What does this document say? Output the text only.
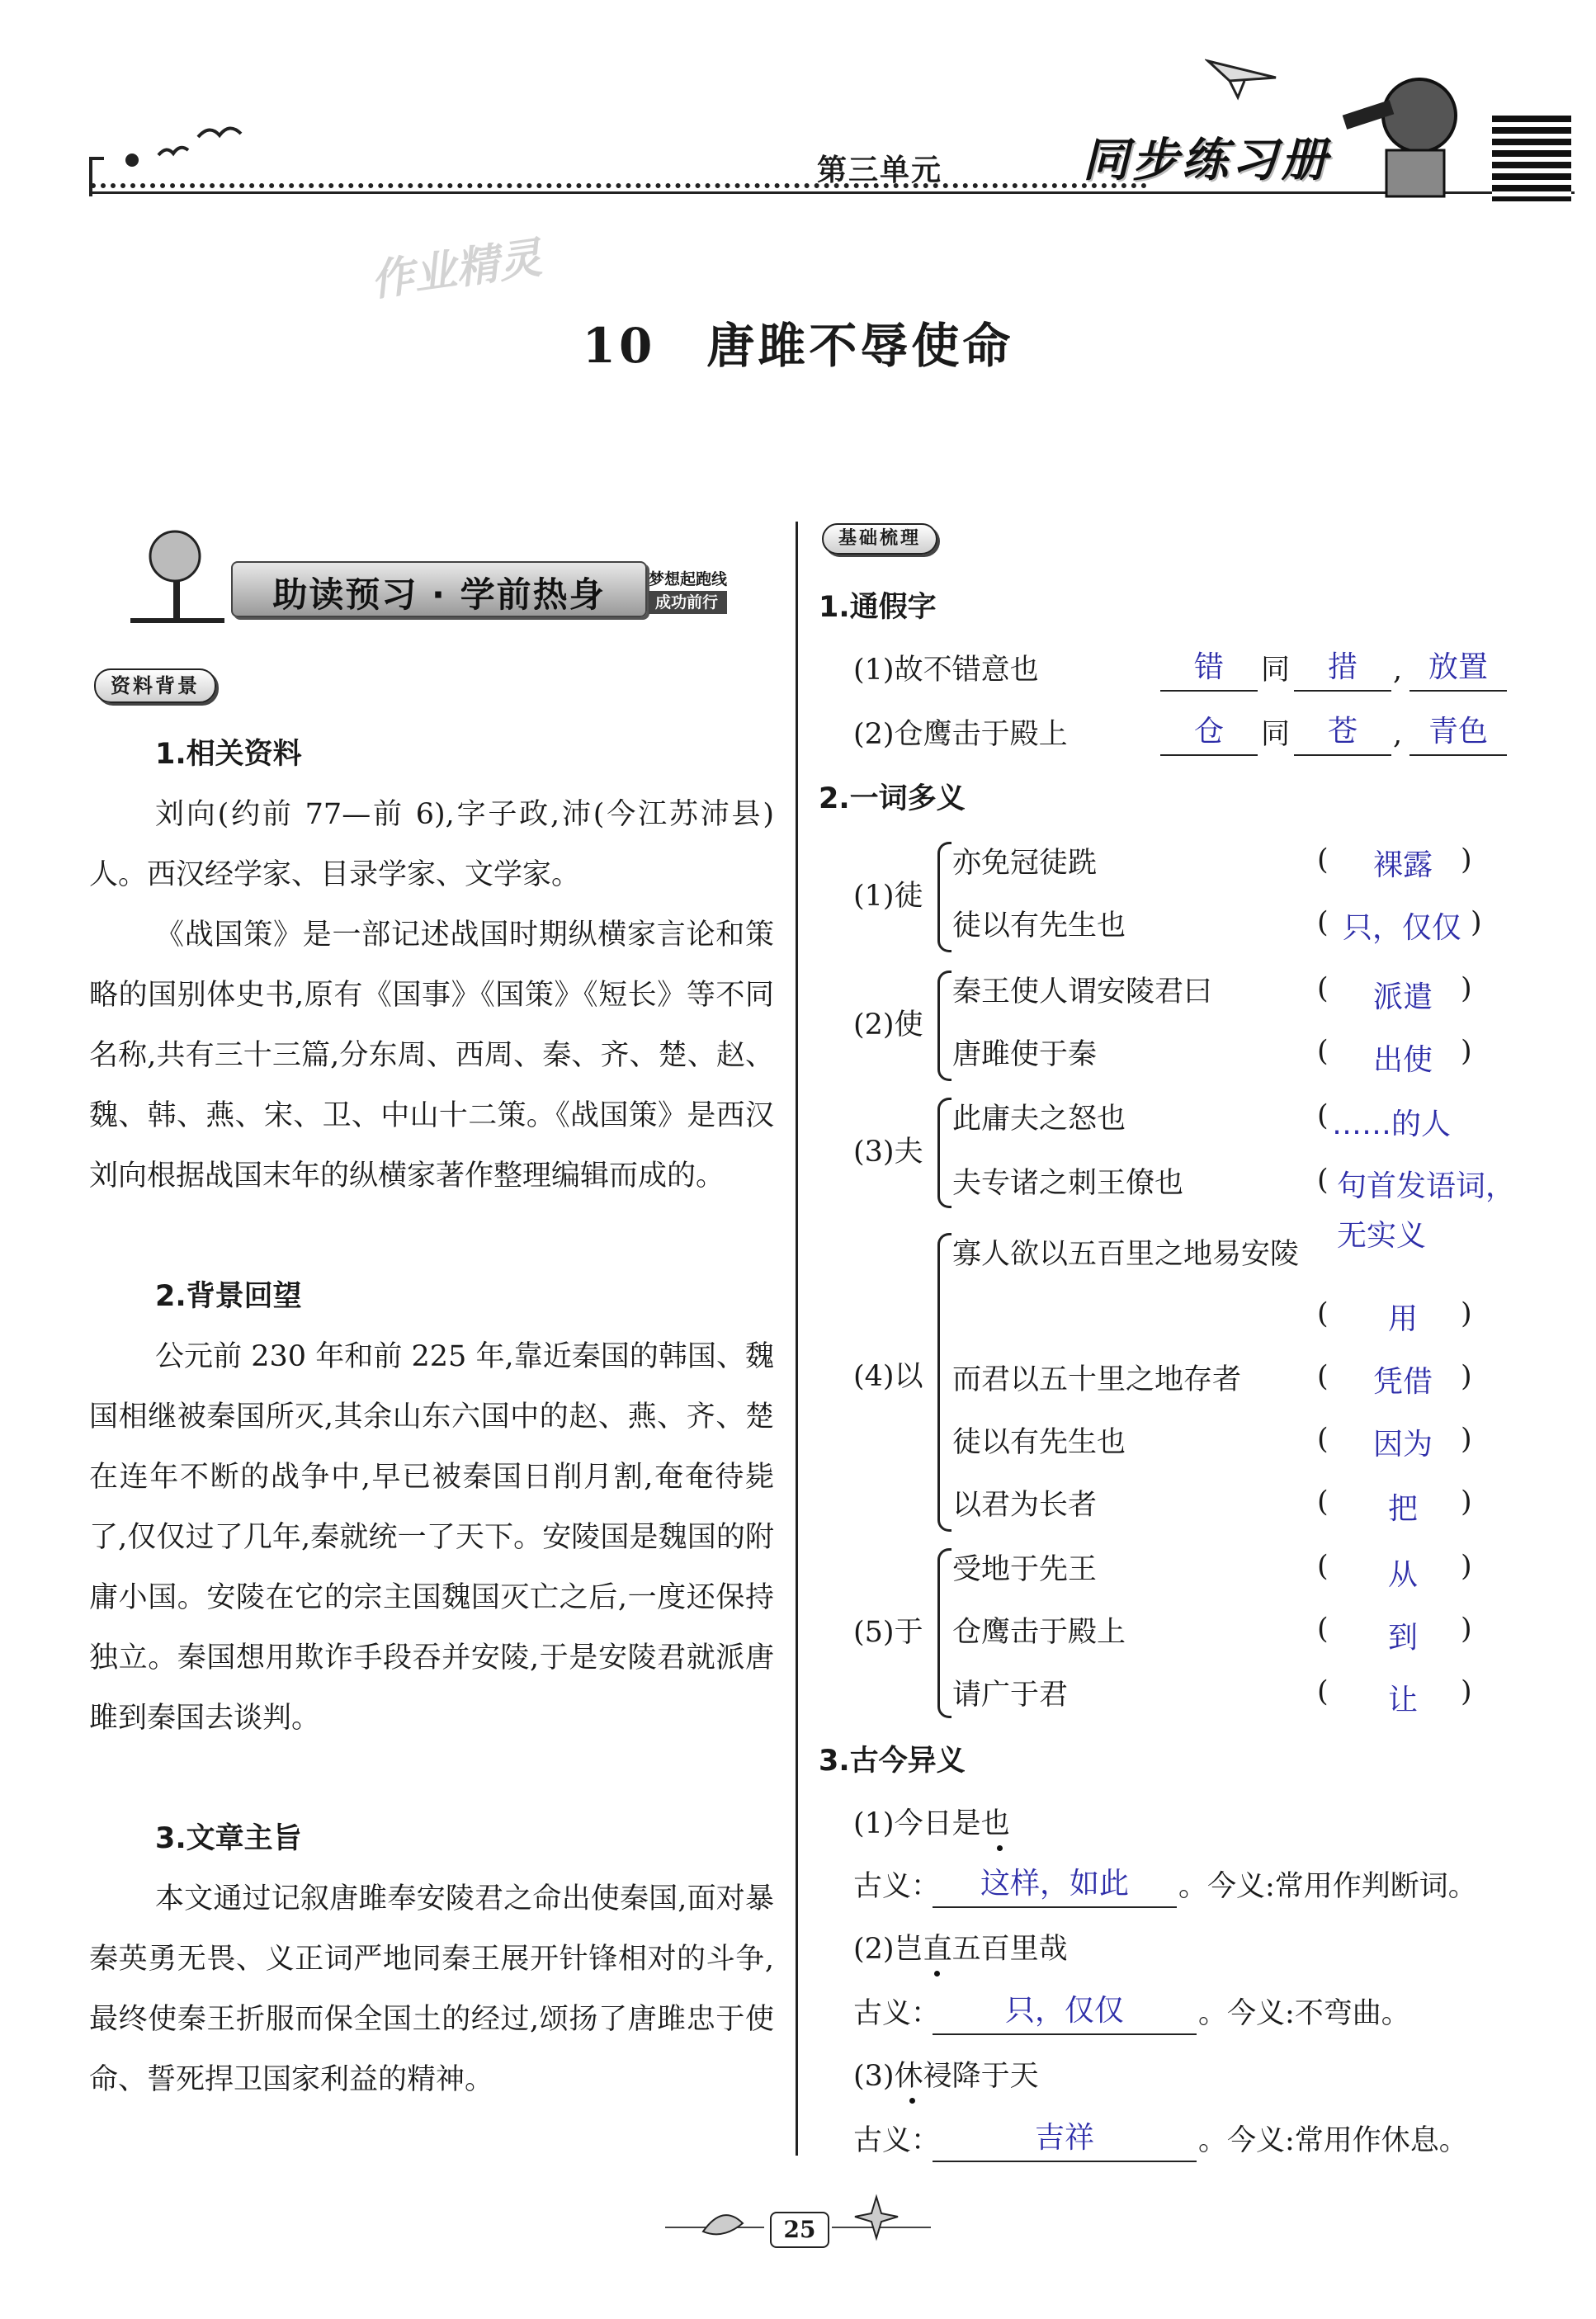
第三单元	同步练习册
作业精灵
10　唐雎不辱使命
助读预习 · 学前热身	梦想起跑线
成功前行
资料背景
1.相关资料
刘向(约前 77—前 6),字子政,沛(今江苏沛县)人。西汉经学家、目录学家、文学家。
《战国策》是一部记述战国时期纵横家言论和策略的国别体史书,原有《国事》《国策》《短长》等不同名称,共有三十三篇,分东周、西周、秦、齐、楚、赵、魏、韩、燕、宋、卫、中山十二策。《战国策》是西汉刘向根据战国末年的纵横家著作整理编辑而成的。
2.背景回望
公元前 230 年和前 225 年,靠近秦国的韩国、魏国相继被秦国所灭,其余山东六国中的赵、燕、齐、楚在连年不断的战争中,早已被秦国日削月割,奄奄待毙了,仅仅过了几年,秦就统一了天下。安陵国是魏国的附庸小国。安陵在它的宗主国魏国灭亡之后,一度还保持独立。秦国想用欺诈手段吞并安陵,于是安陵君就派唐雎到秦国去谈判。
3.文章主旨
本文通过记叙唐雎奉安陵君之命出使秦国,面对暴秦英勇无畏、义正词严地同秦王展开针锋相对的斗争,最终使秦王折服而保全国土的经过,颂扬了唐雎忠于使命、誓死捍卫国家利益的精神。
基础梳理
1.通假字
(1)故不错意也	错	同	措	, 放置
(2)仓鹰击于殿上	仓	同	苍	, 青色
2.一词多义
(1)徒
亦免冠徒跣	(	裸露 )
徒以有先生也	( 只，仅仅 )
(2)使
秦王使人谓安陵君曰	(	派遣 )
唐雎使于秦	(	出使 )
(3)夫
此庸夫之怒也	( ……的人
夫专诸之刺王僚也	( 句首发语词，无实义
(4)以
寡人欲以五百里之地易安陵
(	用	)
而君以五十里之地存者	(	凭借 )
徒以有先生也	(	因为 )
以君为长者	(	把	)
(5)于
受地于先王	(	从	)
仓鹰击于殿上	(	到	)
请广于君	(	让	)
3.古今异义
(1)今日是也
古义：	这样，如此	。今义:常用作判断词。
(2)岂直五百里哉
古义：	只，仅仅	。今义:不弯曲。
(3)休祲降于天
古义：	吉祥	。今义:常用作休息。
25
